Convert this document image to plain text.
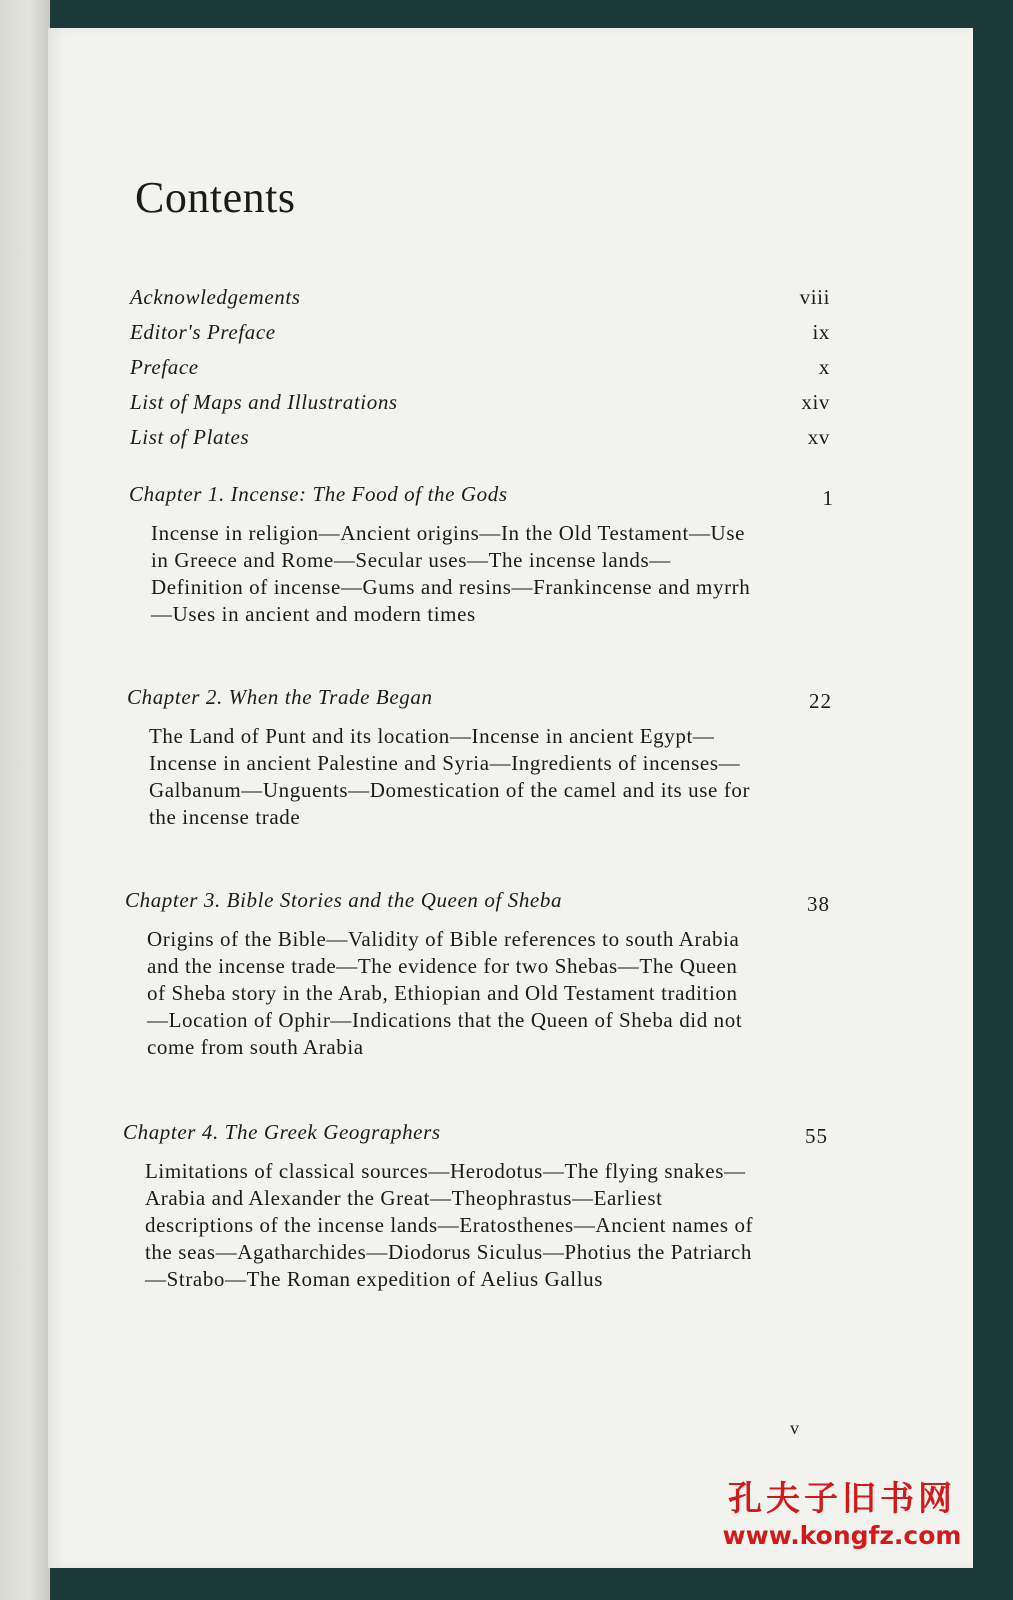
Contents
Acknowledgements	viii
Editor's Preface	ix
Preface	x
List of Maps and Illustrations	xiv
List of Plates	xv
Chapter 1. Incense: The Food of the Gods	1

Incense in religion—Ancient origins—In the Old Testament—Use in Greece and Rome—Secular uses—The incense lands—Definition of incense—Gums and resins—Frankincense and myrrh—Uses in ancient and modern times

Chapter 2. When the Trade Began	22

The Land of Punt and its location—Incense in ancient Egypt—Incense in ancient Palestine and Syria—Ingredients of incenses—Galbanum—Unguents—Domestication of the camel and its use for the incense trade

Chapter 3. Bible Stories and the Queen of Sheba	38

Origins of the Bible—Validity of Bible references to south Arabia and the incense trade—The evidence for two Shebas—The Queen of Sheba story in the Arab, Ethiopian and Old Testament tradition—Location of Ophir—Indications that the Queen of Sheba did not come from south Arabia

Chapter 4. The Greek Geographers	55

Limitations of classical sources—Herodotus—The flying snakes—Arabia and Alexander the Great—Theophrastus—Earliest descriptions of the incense lands—Eratosthenes—Ancient names of the seas—Agatharchides—Diodorus Siculus—Photius the Patriarch—Strabo—The Roman expedition of Aelius Gallus

v
孔夫子旧书网
www.kongfz.com
